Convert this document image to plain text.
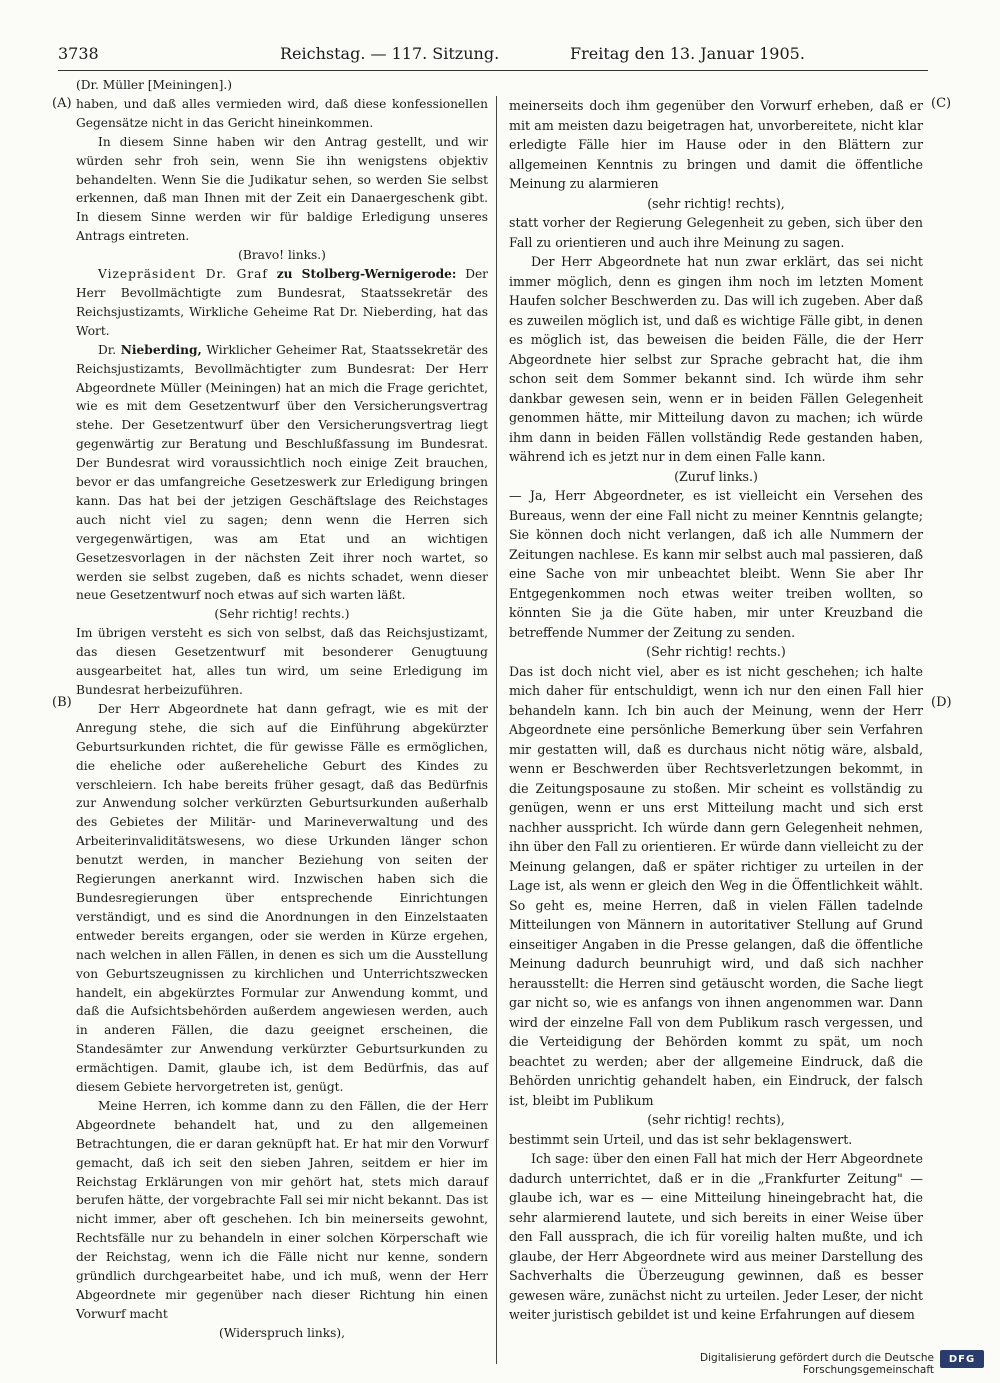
3738	Reichstag. — 117. Sitzung.	Freitag den 13. Januar 1905.
(A)
(B)
(C)
(D)

(Dr. Müller [Meiningen].)

haben, und daß alles vermieden wird, daß diese konfessionellen Gegensätze nicht in das Gericht hineinkommen.

In diesem Sinne haben wir den Antrag gestellt, und wir würden sehr froh sein, wenn Sie ihn wenigstens objektiv behandelten. Wenn Sie die Judikatur sehen, so werden Sie selbst erkennen, daß man Ihnen mit der Zeit ein Danaergeschenk gibt. In diesem Sinne werden wir für baldige Erledigung unseres Antrags eintreten.

(Bravo! links.)

Vizepräsident Dr. Graf zu Stolberg-Wernigerode: Der Herr Bevollmächtigte zum Bundesrat, Staatssekretär des Reichsjustizamts, Wirkliche Geheime Rat Dr. Nieberding, hat das Wort.

Dr. Nieberding, Wirklicher Geheimer Rat, Staatssekretär des Reichsjustizamts, Bevollmächtigter zum Bundesrat: Der Herr Abgeordnete Müller (Meiningen) hat an mich die Frage gerichtet, wie es mit dem Gesetzentwurf über den Versicherungsvertrag stehe. Der Gesetzentwurf über den Versicherungsvertrag liegt gegenwärtig zur Beratung und Beschlußfassung im Bundesrat. Der Bundesrat wird voraussichtlich noch einige Zeit brauchen, bevor er das umfangreiche Gesetzeswerk zur Erledigung bringen kann. Das hat bei der jetzigen Geschäftslage des Reichstages auch nicht viel zu sagen; denn wenn die Herren sich vergegenwärtigen, was am Etat und an wichtigen Gesetzesvorlagen in der nächsten Zeit ihrer noch wartet, so werden sie selbst zugeben, daß es nichts schadet, wenn dieser neue Gesetzentwurf noch etwas auf sich warten läßt.

(Sehr richtig! rechts.)

Im übrigen versteht es sich von selbst, daß das Reichsjustizamt, das diesen Gesetzentwurf mit besonderer Genugtuung ausgearbeitet hat, alles tun wird, um seine Erledigung im Bundesrat herbeizuführen.

Der Herr Abgeordnete hat dann gefragt, wie es mit der Anregung stehe, die sich auf die Einführung abgekürzter Geburtsurkunden richtet, die für gewisse Fälle es ermöglichen, die eheliche oder außereheliche Geburt des Kindes zu verschleiern. Ich habe bereits früher gesagt, daß das Bedürfnis zur Anwendung solcher verkürzten Geburtsurkunden außerhalb des Gebietes der Militär- und Marineverwaltung und des Arbeiterinvaliditätswesens, wo diese Urkunden länger schon benutzt werden, in mancher Beziehung von seiten der Regierungen anerkannt wird. Inzwischen haben sich die Bundesregierungen über entsprechende Einrichtungen verständigt, und es sind die Anordnungen in den Einzelstaaten entweder bereits ergangen, oder sie werden in Kürze ergehen, nach welchen in allen Fällen, in denen es sich um die Ausstellung von Geburtszeugnissen zu kirchlichen und Unterrichtszwecken handelt, ein abgekürztes Formular zur Anwendung kommt, und daß die Aufsichtsbehörden außerdem angewiesen werden, auch in anderen Fällen, die dazu geeignet erscheinen, die Standesämter zur Anwendung verkürzter Geburtsurkunden zu ermächtigen. Damit, glaube ich, ist dem Bedürfnis, das auf diesem Gebiete hervorgetreten ist, genügt.

Meine Herren, ich komme dann zu den Fällen, die der Herr Abgeordnete behandelt hat, und zu den allgemeinen Betrachtungen, die er daran geknüpft hat. Er hat mir den Vorwurf gemacht, daß ich seit den sieben Jahren, seitdem er hier im Reichstag Erklärungen von mir gehört hat, stets mich darauf berufen hätte, der vorgebrachte Fall sei mir nicht bekannt. Das ist nicht immer, aber oft geschehen. Ich bin meinerseits gewohnt, Rechtsfälle nur zu behandeln in einer solchen Körperschaft wie der Reichstag, wenn ich die Fälle nicht nur kenne, sondern gründlich durchgearbeitet habe, und ich muß, wenn der Herr Abgeordnete mir gegenüber nach dieser Richtung hin einen Vorwurf macht

(Widerspruch links),

meinerseits doch ihm gegenüber den Vorwurf erheben, daß er mit am meisten dazu beigetragen hat, unvorbereitete, nicht klar erledigte Fälle hier im Hause oder in den Blättern zur allgemeinen Kenntnis zu bringen und damit die öffentliche Meinung zu alarmieren

(sehr richtig! rechts),

statt vorher der Regierung Gelegenheit zu geben, sich über den Fall zu orientieren und auch ihre Meinung zu sagen.

Der Herr Abgeordnete hat nun zwar erklärt, das sei nicht immer möglich, denn es gingen ihm noch im letzten Moment Haufen solcher Beschwerden zu. Das will ich zugeben. Aber daß es zuweilen möglich ist, und daß es wichtige Fälle gibt, in denen es möglich ist, das beweisen die beiden Fälle, die der Herr Abgeordnete hier selbst zur Sprache gebracht hat, die ihm schon seit dem Sommer bekannt sind. Ich würde ihm sehr dankbar gewesen sein, wenn er in beiden Fällen Gelegenheit genommen hätte, mir Mitteilung davon zu machen; ich würde ihm dann in beiden Fällen vollständig Rede gestanden haben, während ich es jetzt nur in dem einen Falle kann.

(Zuruf links.)

— Ja, Herr Abgeordneter, es ist vielleicht ein Versehen des Bureaus, wenn der eine Fall nicht zu meiner Kenntnis gelangte; Sie können doch nicht verlangen, daß ich alle Nummern der Zeitungen nachlese. Es kann mir selbst auch mal passieren, daß eine Sache von mir unbeachtet bleibt. Wenn Sie aber Ihr Entgegenkommen noch etwas weiter treiben wollten, so könnten Sie ja die Güte haben, mir unter Kreuzband die betreffende Nummer der Zeitung zu senden.

(Sehr richtig! rechts.)

Das ist doch nicht viel, aber es ist nicht geschehen; ich halte mich daher für entschuldigt, wenn ich nur den einen Fall hier behandeln kann. Ich bin auch der Meinung, wenn der Herr Abgeordnete eine persönliche Bemerkung über sein Verfahren mir gestatten will, daß es durchaus nicht nötig wäre, alsbald, wenn er Beschwerden über Rechtsverletzungen bekommt, in die Zeitungsposaune zu stoßen. Mir scheint es vollständig zu genügen, wenn er uns erst Mitteilung macht und sich erst nachher ausspricht. Ich würde dann gern Gelegenheit nehmen, ihn über den Fall zu orientieren. Er würde dann vielleicht zu der Meinung gelangen, daß er später richtiger zu urteilen in der Lage ist, als wenn er gleich den Weg in die Öffentlichkeit wählt. So geht es, meine Herren, daß in vielen Fällen tadelnde Mitteilungen von Männern in autoritativer Stellung auf Grund einseitiger Angaben in die Presse gelangen, daß die öffentliche Meinung dadurch beunruhigt wird, und daß sich nachher herausstellt: die Herren sind getäuscht worden, die Sache liegt gar nicht so, wie es anfangs von ihnen angenommen war. Dann wird der einzelne Fall von dem Publikum rasch vergessen, und die Verteidigung der Behörden kommt zu spät, um noch beachtet zu werden; aber der allgemeine Eindruck, daß die Behörden unrichtig gehandelt haben, ein Eindruck, der falsch ist, bleibt im Publikum

(sehr richtig! rechts),

bestimmt sein Urteil, und das ist sehr beklagenswert.

Ich sage: über den einen Fall hat mich der Herr Abgeordnete dadurch unterrichtet, daß er in die „Frankfurter Zeitung" — glaube ich, war es — eine Mitteilung hineingebracht hat, die sehr alarmierend lautete, und sich bereits in einer Weise über den Fall aussprach, die ich für voreilig halten mußte, und ich glaube, der Herr Abgeordnete wird aus meiner Darstellung des Sachverhalts die Überzeugung gewinnen, daß es besser gewesen wäre, zunächst nicht zu urteilen. Jeder Leser, der nicht weiter juristisch gebildet ist und keine Erfahrungen auf diesem

Digitalisierung gefördert durch die Deutsche Forschungsgemeinschaft
DFG
